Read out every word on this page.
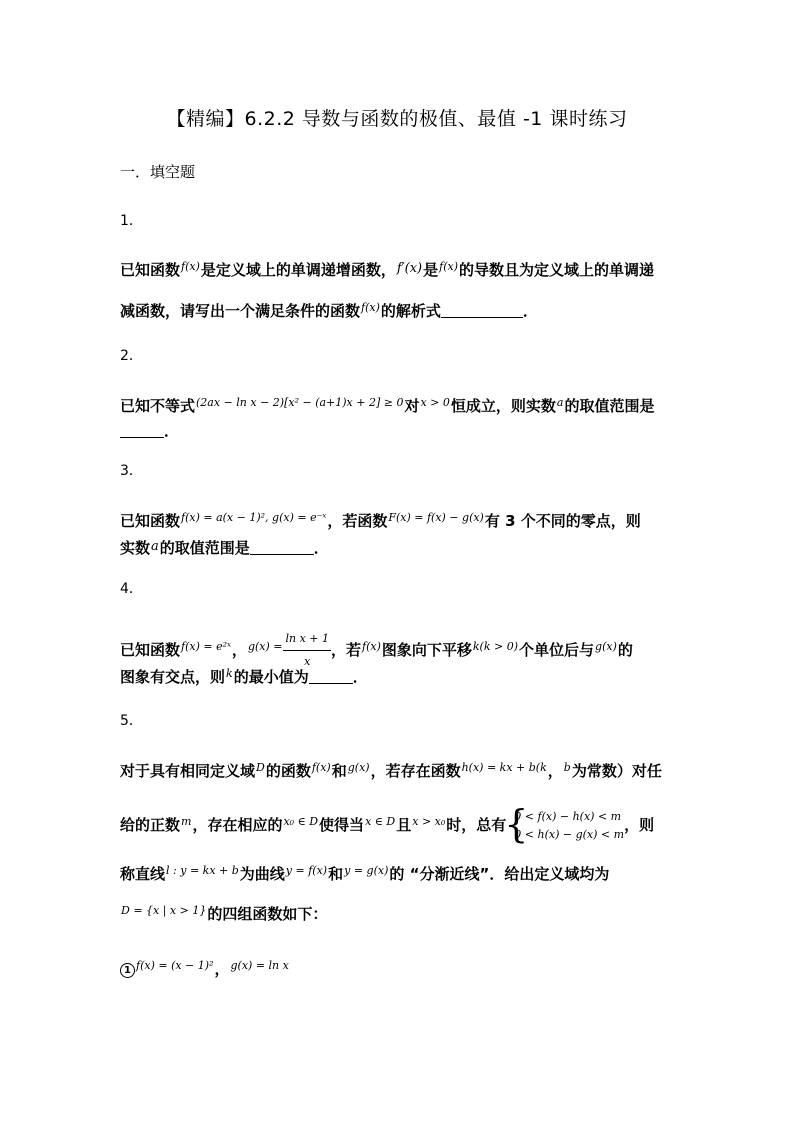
【精编】6.2.2 导数与函数的极值、最值 -1 课时练习
一．填空题
1．
已知函数$^{f(x)}$是定义域上的单调递增函数，f′(x)是$^{f(x)}$的导数且为定义域上的单调递
减函数，请写出一个满足条件的函数$^{f(x)}$的解析式	．
2．
已知不等式$^{(2ax - ln x - 2)[x^2 - (a+1)x + 2] \ge 0}$对$^{x > 0}$恒成立，则实数$^a$的取值范围是
．
3．
已知函数$^{f(x) = a(x - 1)^2, g(x) = e^-ˣ}$，若函数$^{F(x) = f(x) - g(x)}$有 3 个不同的零点，则
实数a的取值范围是	．
4．
已知函数$^{f(x) = e^2ˣ}$，$^{g(x) =} \frac{\text{ln x + 1}}{x}$ ，若$^{f(x)}$图象向下平移$^{k(k > 0)}$个单位后与$^{g(x)}$的
图象有交点，则$^k$的最小值为	．
5．
对于具有相同定义域$^D$的函数$^{f(x)}$和$^{g(x)}$，若存在函数$^{h(x) = kx + b(k}$，$^b$为常数）对任
给的正数$^m$，存在相应的$^{x_0 \in D}$使得当$^{x \in D}$且$^{x > x_0}$时，总有
{ 0 < f(x) − h(x) < m
0 < h(x) − g(x) < m ，则
称直线$^{l : y = kx + b}$为曲线$^{y = f(x)}$和$^{y = g(x)}$的 “分渐近线”．给出定义域均为
$^{D = \{x | x > 1\}}$的四组函数如下：
1 $^{f(x) = (x - 1)^2}$，$^{g(x) = ln x}$
